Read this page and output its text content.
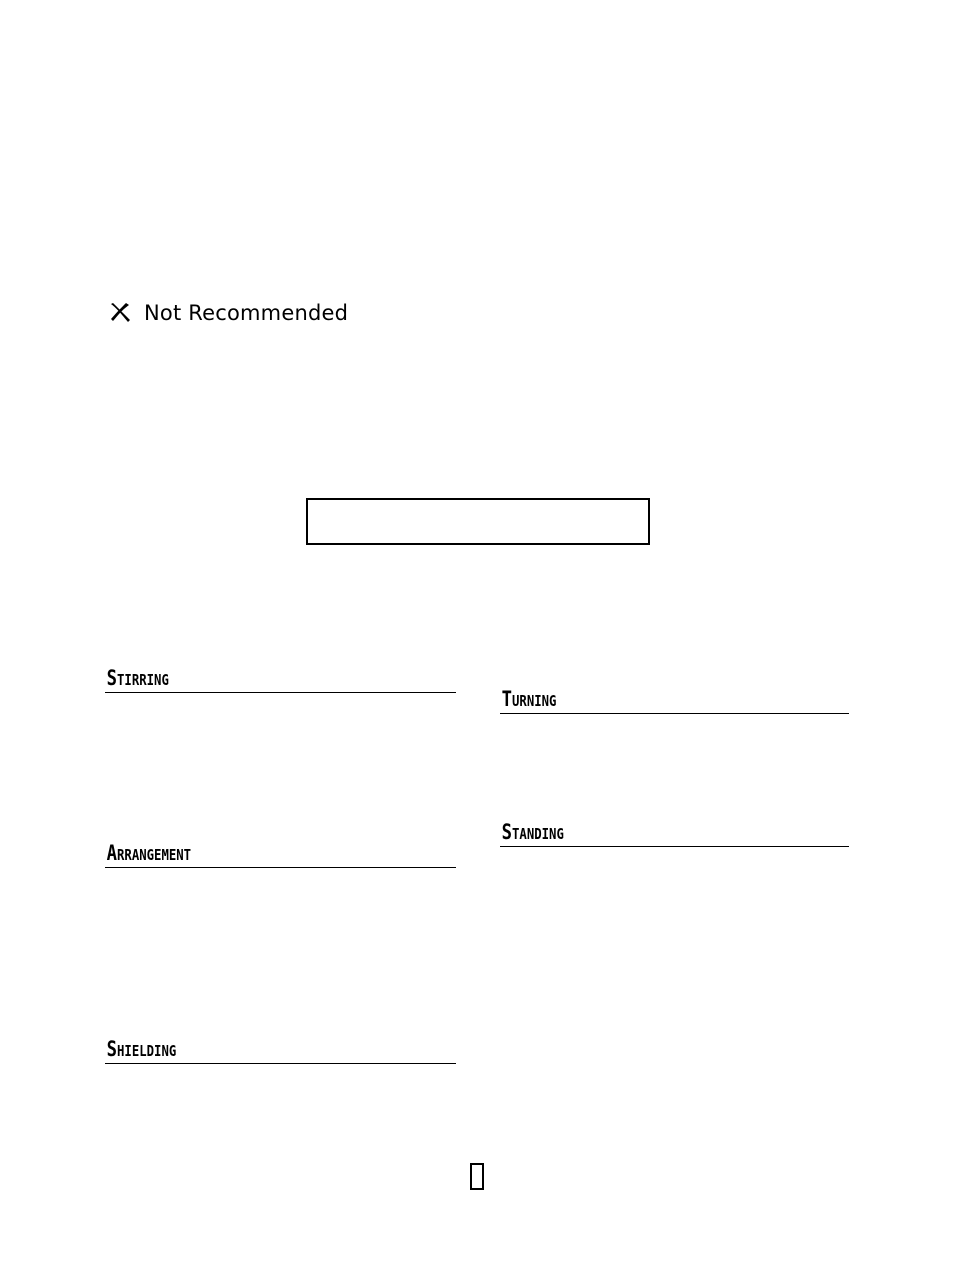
Not Recommended
Stirring
Arrangement
Shielding
Turning
Standing
